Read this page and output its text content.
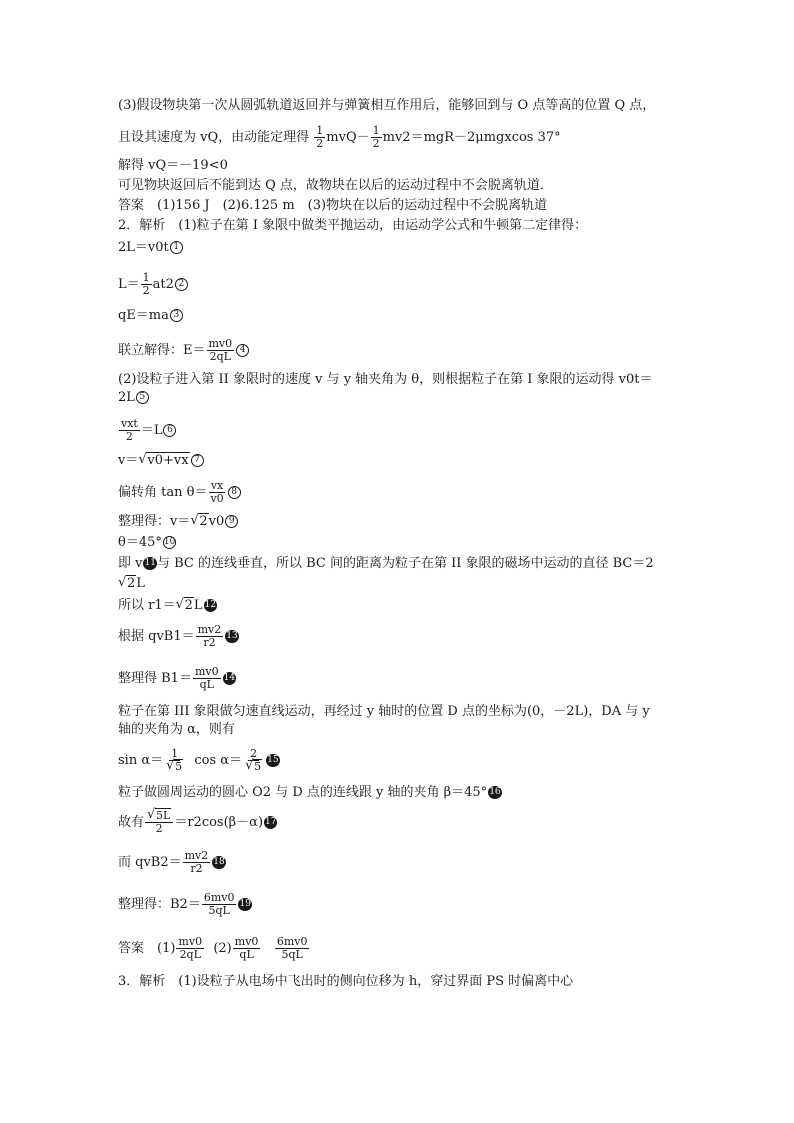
(3)假设物块第一次从圆弧轨道返回并与弹簧相互作用后，能够回到与 O 点等高的位置 Q 点，
且设其速度为 vQ，由动能定理得 $\frac{1}{2} mvQ- \frac{1}{2} mv2=mgR-2\mu mgxcos$ 37°
解得 vQ＝－19<0
可见物块返回后不能到达 Q 点，故物块在以后的运动过程中不会脱离轨道．
答案　(1)156 J　(2)6.125 m　(3)物块在以后的运动过程中不会脱离轨道
2．解析　(1)粒子在第 I 象限中做类平抛运动，由运动学公式和牛顿第二定律得：
2L＝v0t 1
$L= \frac{1}{2} at2$ 2
qE＝ma 3
联立解得：$E= \frac{mv0}{2qL} 4$
(2)设粒子进入第 II 象限时的速度 v 与 y 轴夹角为 θ，则根据粒子在第 I 象限的运动得 v0t＝
2L 5
$\frac{\text{vxt}}{2} =L$ 6
v＝ √ v0+vx 7
偏转角 $\tan \theta= \frac{vx}{v0} 8$
整理得：v＝ √ 2v0 9
θ＝45° 10
即 v 11与 BC 的连线垂直，所以 BC 间的距离为粒子在第 II 象限的磁场中运动的直径 BC＝2
√ 2L
所以 r1＝ √ 2L 12
根据 $qvB1= \frac{mv2}{r2} 13$
整理得 $B1= \frac{mv0}{qL} 14$
粒子在第 III 象限做匀速直线运动，再经过 y 轴时的位置 D 点的坐标为(0，－2L)，DA 与 y
轴的夹角为 α，则有
$\sin \alpha= \frac{1}{√ 5}$ $\cos \alpha= \frac{2}{√ 5} 15$
粒子做圆周运动的圆心 O2 与 D 点的连线跟 y 轴的夹角 β＝45° 16
故有 $\frac{√ 5L}{2} =r2\cos(\beta-\alpha)$ 17
而 $qvB2= \frac{mv2}{r2} 18$
整理得：$B2= \frac{6mv0}{5qL} 19$
答案　$(1) \frac{mv0}{2qL} (2) \frac{mv0}{qL}$
$\frac{6mv0}{5qL}$
3．解析　(1)设粒子从电场中飞出时的侧向位移为 h，穿过界面 PS 时偏离中心
